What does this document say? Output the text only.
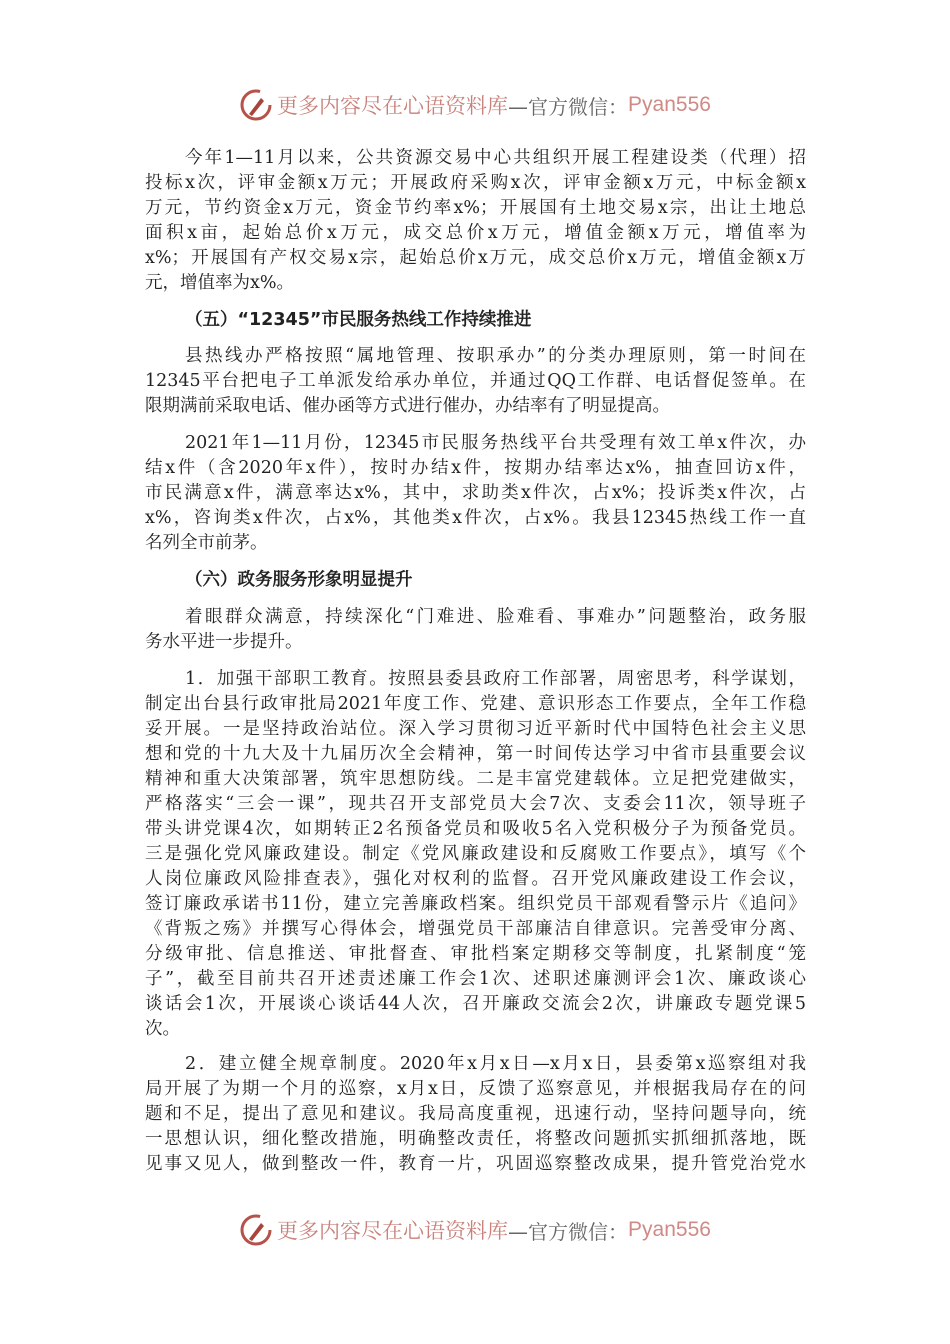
更多内容尽在心语资料库 —官方微信： Pyan556
今年1—11月以来，公共资源交易中心共组织开展工程建设类（代理）招
投标x次，评审金额x万元；开展政府采购x次，评审金额x万元，中标金额x
万元，节约资金x万元，资金节约率x%；开展国有土地交易x宗，出让土地总
面积x亩，起始总价x万元，成交总价x万元，增值金额x万元，增值率为
x%；开展国有产权交易x宗，起始总价x万元，成交总价x万元，增值金额x万
元，增值率为x%。
（五）“12345”市民服务热线工作持续推进
县热线办严格按照“属地管理、按职承办”的分类办理原则，第一时间在
12345平台把电子工单派发给承办单位，并通过QQ工作群、电话督促签单。在
限期满前采取电话、催办函等方式进行催办，办结率有了明显提高。
2021年1—11月份，12345市民服务热线平台共受理有效工单x件次，办
结x件（含2020年x件），按时办结x件，按期办结率达x%，抽查回访x件，
市民满意x件，满意率达x%，其中，求助类x件次，占x%；投诉类x件次，占
x%，咨询类x件次，占x%，其他类x件次，占x%。我县12345热线工作一直
名列全市前茅。
（六）政务服务形象明显提升
着眼群众满意，持续深化“门难进、脸难看、事难办”问题整治，政务服
务水平进一步提升。
1．加强干部职工教育。按照县委县政府工作部署，周密思考，科学谋划，
制定出台县行政审批局2021年度工作、党建、意识形态工作要点，全年工作稳
妥开展。一是坚持政治站位。深入学习贯彻习近平新时代中国特色社会主义思
想和党的十九大及十九届历次全会精神，第一时间传达学习中省市县重要会议
精神和重大决策部署，筑牢思想防线。二是丰富党建载体。立足把党建做实，
严格落实“三会一课”，现共召开支部党员大会7次、支委会11次，领导班子
带头讲党课4次，如期转正2名预备党员和吸收5名入党积极分子为预备党员。
三是强化党风廉政建设。制定《党风廉政建设和反腐败工作要点》，填写《个
人岗位廉政风险排查表》，强化对权利的监督。召开党风廉政建设工作会议，
签订廉政承诺书11份，建立完善廉政档案。组织党员干部观看警示片《追问》
《背叛之殇》并撰写心得体会，增强党员干部廉洁自律意识。完善受审分离、
分级审批、信息推送、审批督查、审批档案定期移交等制度，扎紧制度“笼
子”，截至目前共召开述责述廉工作会1次、述职述廉测评会1次、廉政谈心
谈话会1次，开展谈心谈话44人次，召开廉政交流会2次，讲廉政专题党课5
次。
2．建立健全规章制度。2020年x月x日—x月x日，县委第x巡察组对我
局开展了为期一个月的巡察，x月x日，反馈了巡察意见，并根据我局存在的问
题和不足，提出了意见和建议。我局高度重视，迅速行动，坚持问题导向，统
一思想认识，细化整改措施，明确整改责任，将整改问题抓实抓细抓落地，既
见事又见人，做到整改一件，教育一片，巩固巡察整改成果，提升管党治党水
更多内容尽在心语资料库 —官方微信： Pyan556
